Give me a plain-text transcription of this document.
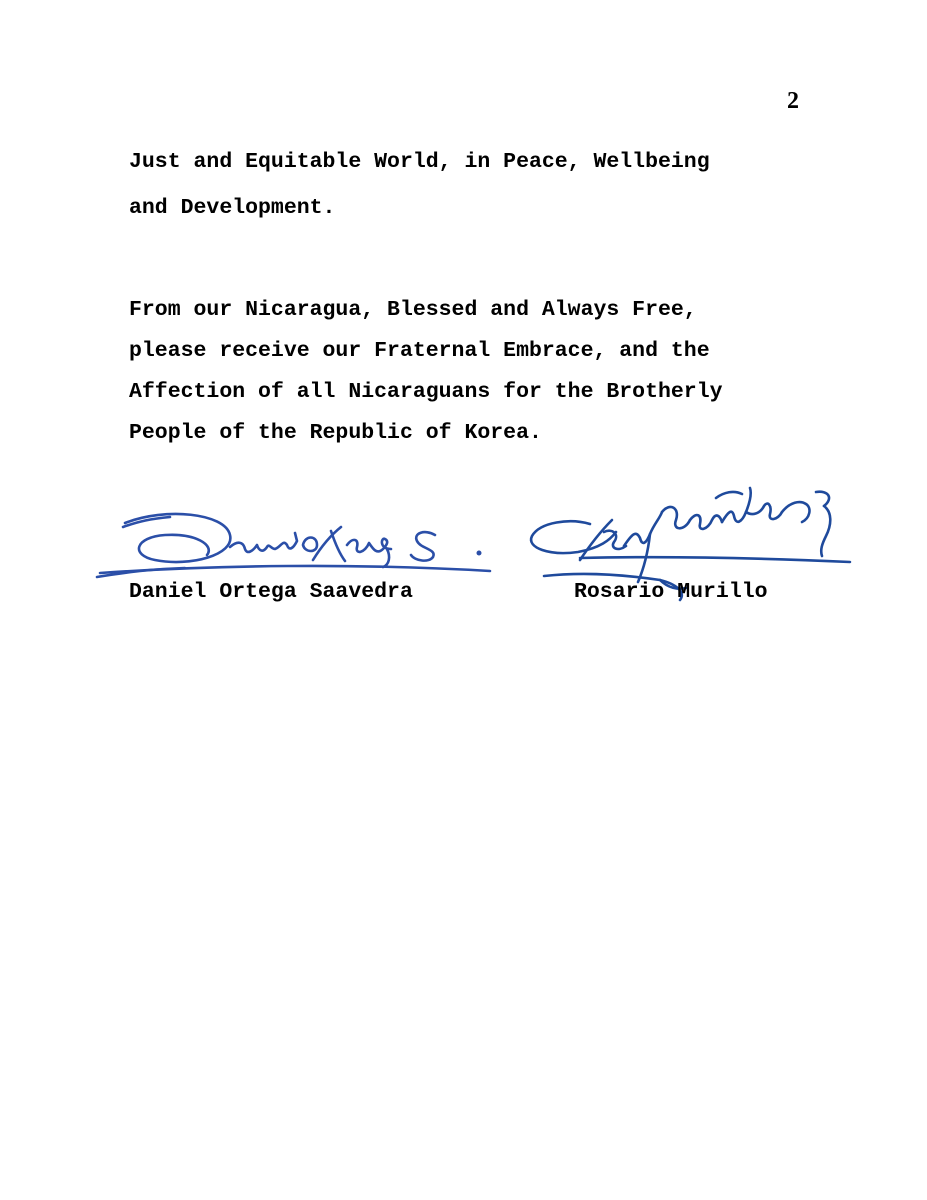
2
Just and Equitable World, in Peace, Wellbeing
and Development.
From our Nicaragua, Blessed and Always Free,
please receive our Fraternal Embrace, and the
Affection of all Nicaraguans for the Brotherly
People of the Republic of Korea.
Daniel Ortega Saavedra	Rosario Murillo
